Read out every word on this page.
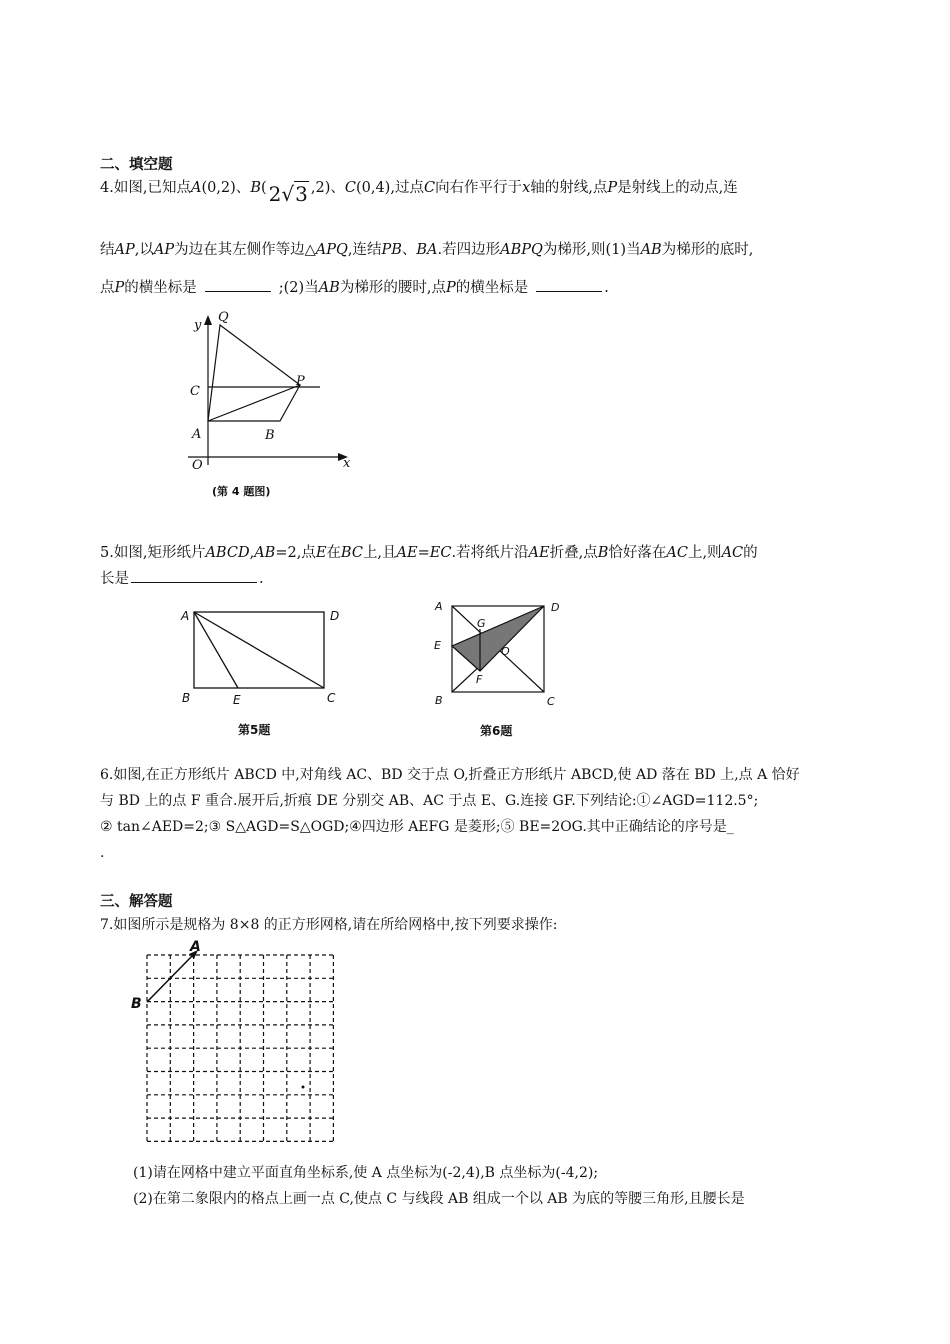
二、填空题
4.如图,已知点A(0,2)、B( 2√3 ,2)、C(0,4),过点C向右作平行于x轴的射线,点P是射线上的动点,连
结AP,以AP为边在其左侧作等边△APQ,连结PB、BA.若四边形ABPQ为梯形,则(1)当AB为梯形的底时,
点P的横坐标是	;(2)当AB为梯形的腰时,点P的横坐标是	.
y
Q
C
P
A	B
O	x
(第 4 题图)
5.如图,矩形纸片ABCD,AB=2,点E在BC上,且AE=EC.若将纸片沿AE折叠,点B恰好落在AC上,则AC的
长是	.
A	D
B	E	C
第5题
A	D
G
E	O
F
B	C
第6题
6.如图,在正方形纸片 ABCD 中,对角线 AC、BD 交于点 O,折叠正方形纸片 ABCD,使 AD 落在 BD 上,点 A 恰好
与 BD 上的点 F 重合.展开后,折痕 DE 分别交 AB、AC 于点 E、G.连接 GF.下列结论:①∠AGD=112.5°;
② tan∠AED=2;③ S△AGD=S△OGD;④四边形 AEFG 是菱形;⑤ BE=2OG.其中正确结论的序号是_
.
三、解答题
7.如图所示是规格为 8×8 的正方形网格,请在所给网格中,按下列要求操作:
A
B
(1)请在网格中建立平面直角坐标系,使 A 点坐标为(-2,4),B 点坐标为(-4,2);
(2)在第二象限内的格点上画一点 C,使点 C 与线段 AB 组成一个以 AB 为底的等腰三角形,且腰长是
